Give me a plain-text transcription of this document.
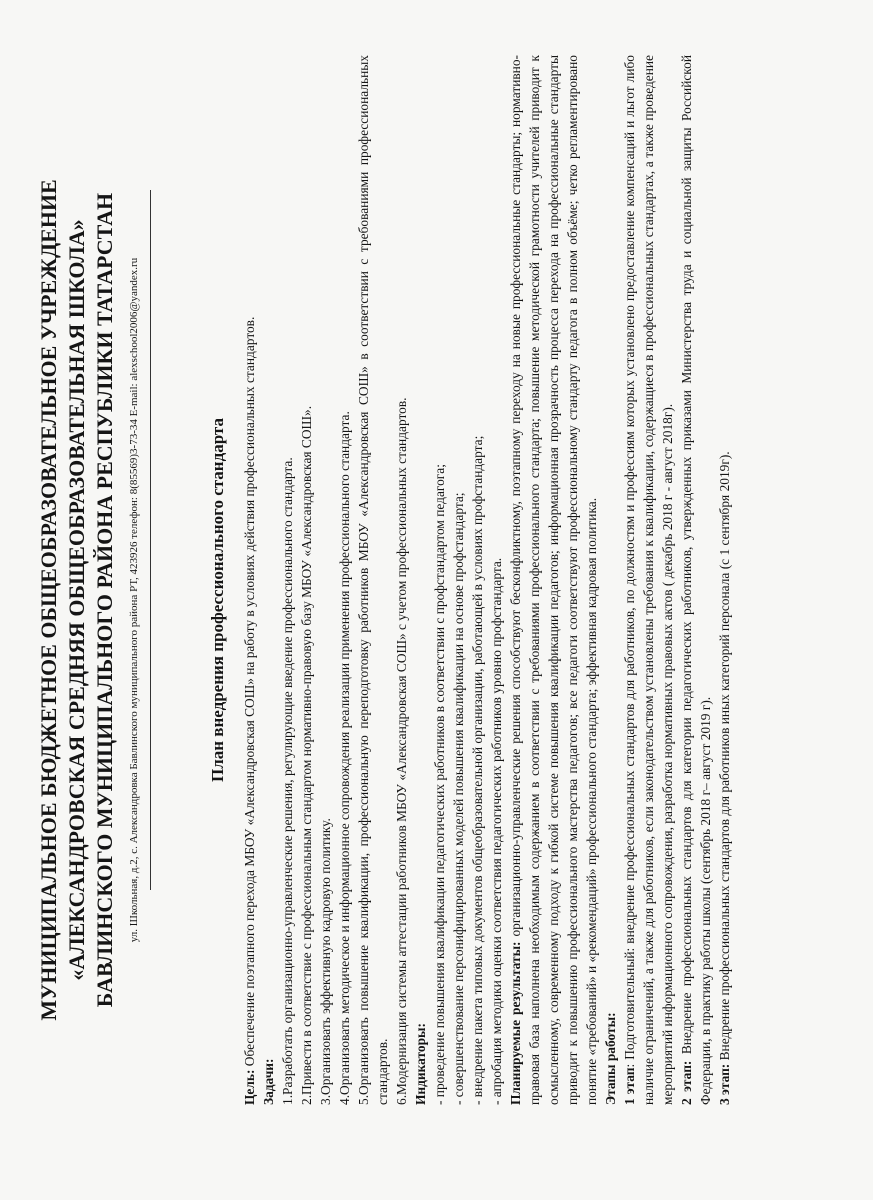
МУНИЦИПАЛЬНОЕ БЮДЖЕТНОЕ ОБЩЕОБРАЗОВАТЕЛЬНОЕ УЧРЕЖДЕНИЕ «АЛЕКСАНДРОВСКАЯ СРЕДНЯЯ ОБЩЕОБРАЗОВАТЕЛЬНАЯ ШКОЛА» БАВЛИНСКОГО МУНИЦИПАЛЬНОГО РАЙОНА РЕСПУБЛИКИ ТАТАРСТАН ул. Школьная, д.2, с. Александровка Бавлинского муниципального района РТ, 423926 телефон: 8(85569)3-73-34 E-mail: alexschool2006@yandex.ru	План внедрения профессионального стандарта
Цель: Обеспечение поэтапного перехода МБОУ «Александровская СОШ» на работу в условиях действия профессиональных стандартов.
Задачи: 1.Разработать организационно-управленческие решения, регулирующие введение профессионального стандарта. 2.Привести в соответствие с профессиональным стандартом нормативно-правовую базу МБОУ «Александровская СОШ». 3.Организовать эффективную кадровую политику. 4.Организовать методическое и информационное сопровождения реализации применения профессионального стандарта. 5.Организовать повышение квалификации, профессиональную переподготовку работников МБОУ «Александровская СОШ» в соответствии с требованиями профессиональных стандартов. 6.Модернизация системы аттестации работников МБОУ «Александровская СОШ» с учетом профессиональных стандартов. Индикаторы: - проведение повышения квалификации педагогических работников в соответствии с профстандартом педагога; - совершенствование персонифицированных моделей повышения квалификации на основе профстандарта; - внедрение пакета типовых документов общеобразовательной организации, работающей в условиях профстандарта; - апробация методики оценки соответствия педагогических работников уровню профстандарта. Планируемые результаты: организационно-управленческие решения способствуют бесконфликтному, поэтапному переходу на новые профессиональные стандарты; нормативно-правовая база наполнена необходимым содержанием в соответствии с требованиями профессионального стандарта; повышение методической грамотности учителей приводит к осмысленному, современному подходу к гибкой системе повышения квалификации педагогов; информационная прозрачность процесса перехода на профессиональные стандарты приводит к повышению профессионального мастерства педагогов; все педагоги соответствуют профессиональному стандарту педагога в полном объёме; четко регламентировано понятие «требований» и «рекомендаций» профессионального стандарта; эффективная кадровая политика. Этапы работы: 1 этап: Подготовительный: внедрение профессиональных стандартов для работников, по должностям и профессиям которых установлено предоставление компенсаций и льгот либо наличие ограничений, а также для работников, если законодательством установлены требования к квалификации, содержащиеся в профессиональных стандартах, а также проведение мероприятий информационного сопровождения, разработка нормативных правовых актов ( декабрь 2018 г - август 2018г). 2 этап: Внедрение профессиональных стандартов для категории педагогических работников, утвержденных приказами Министерства труда и социальной защиты Российской Федерации, в практику работы школы (сентябрь 2018 г– август 2019 г). 3 этап: Внедрение профессиональных стандартов для работников иных категорий персонала (с 1 сентября 2019г).
